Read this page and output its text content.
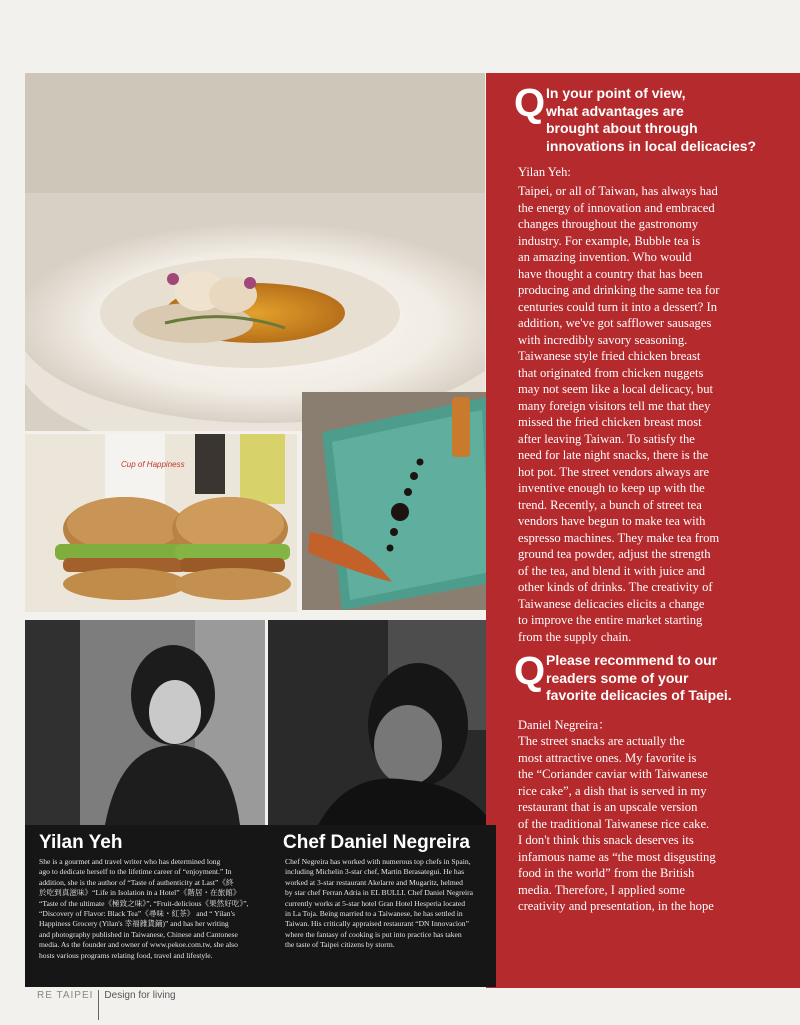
Cup of Happiness
Q In your point of view,
what advantages are
brought about through
innovations in local delicacies?
Yilan Yeh:
Taipei, or all of Taiwan, has always had
the energy of innovation and embraced
changes throughout the gastronomy
industry. For example, Bubble tea is
an amazing invention. Who would
have thought a country that has been
producing and drinking the same tea for
centuries could turn it into a dessert? In
addition, we've got safflower sausages
with incredibly savory seasoning.
Taiwanese style fried chicken breast
that originated from chicken nuggets
may not seem like a local delicacy, but
many foreign visitors tell me that they
missed the fried chicken breast most
after leaving Taiwan. To satisfy the
need for late night snacks, there is the
hot pot. The street vendors always are
inventive enough to keep up with the
trend. Recently, a bunch of street tea
vendors have begun to make tea with
espresso machines. They make tea from
ground tea powder, adjust the strength
of the tea, and blend it with juice and
other kinds of drinks. The creativity of
Taiwanese delicacies elicits a change
to improve the entire market starting
from the supply chain.
Q Please recommend to our
readers some of your
favorite delicacies of Taipei.
Daniel Negreira：
The street snacks are actually the
most attractive ones. My favorite is
the “Coriander caviar with Taiwanese
rice cake”, a dish that is served in my
restaurant that is an upscale version
of the traditional Taiwanese rice cake.
I don't think this snack deserves its
infamous name as “the most disgusting
food in the world” from the British
media. Therefore, I applied some
creativity and presentation, in the hope
Yilan Yeh
She is a gourmet and travel writer who has determined long
ago to dedicate herself to the lifetime career of “enjoyment.” In
addition, she is the author of “Taste of authenticity at Last”《終
於吃到真滋味》“Life in Isolation in a Hotel”《階居・在旅館》
“Taste of the ultimate《極致之味》”, “Fruit-delicious《果然好吃》”,
“Discovery of Flavor: Black Tea”《尋味・紅茶》 and “ Yilan's
Happiness Grocery (Yilan's 幸福雜貨鋪)” and has her writing
and photography published in Taiwanese, Chinese and Cantonese
media. As the founder and owner of www.pekoe.com.tw, she also
hosts various programs relating food, travel and lifestyle.
Chef Daniel Negreira
Chef Negreira has worked with numerous top chefs in Spain,
including Michelin 3-star chef, Martin Berasategui. He has
worked at 3-star restaurant Akelarre and Mugaritz, helmed
by star chef Ferran Adria in EL BULLI. Chef Daniel Negreira
currently works at 5-star hotel Gran Hotel Hesperia located
in La Toja. Being married to a Taiwanese, he has settled in
Taiwan. His critically appraised restaurant “DN Innovacion”
where the fantasy of cooking is put into practice has taken
the taste of Taipei citizens by storm.
RE TAIPEI Design for living
